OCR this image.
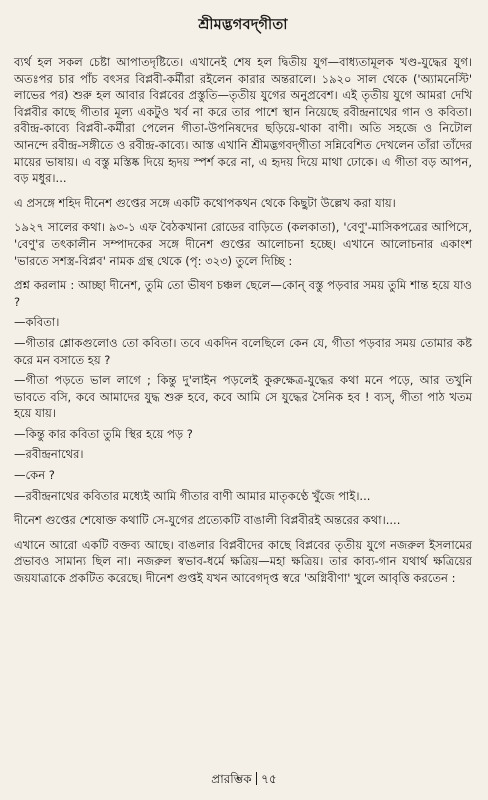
শ্রীমদ্ভগবদ্‌গীতা

ব্যর্থ হল সকল চেষ্টা আপাতদৃষ্টিতে। এখানেই শেষ হল দ্বিতীয় যুগ—বাধ্যতামূলক খণ্ড-যুদ্ধের যুগ। অতঃপর চার পাঁচ বৎসর বিপ্লবী-কর্মীরা রইলেন কারার অন্তরালে। ১৯২০ সাল থেকে ('অ্যামনেস্টি' লাভের পর) শুরু হল আবার বিপ্লবের প্রস্তুতি—তৃতীয় যুগের অনুপ্রবেশ। এই তৃতীয় যুগে আমরা দেখি বিপ্লবীর কাছে গীতার মূল্য একটুও খর্ব না করে তার পাশে স্থান নিয়েছে রবীন্দ্রনাথের গান ও কবিতা। রবীন্দ্র-কাব্যে বিপ্লবী-কর্মীরা পেলেন গীতা-উপনিষদের ছড়িয়ে-থাকা বাণী। অতি সহজে ও নিটোল আনন্দে রবীন্দ্র-সঙ্গীতে ও রবীন্দ্র-কাব্যে। আস্ত এখানি শ্রীমদ্ভগবদ্‌গীতা সন্নিবেশিত দেখলেন তাঁরা তাঁদের মায়ের ভাষায়। এ বস্তু মস্তিষ্ক দিয়ে হৃদয় স্পর্শ করে না, এ হৃদয় দিয়ে মাথা ঢোকে। এ গীতা বড় আপন, বড় মধুর।...

এ প্রসঙ্গে শহিদ দীনেশ গুপ্তের সঙ্গে একটি কথোপকথন থেকে কিছুটা উল্লেখ করা যায়।

১৯২৭ সালের কথা। ৯৩-১ এফ বৈঠকখানা রোডের বাড়িতে (কলকাতা), 'বেণু'-মাসিকপত্রের আপিসে, 'বেণু'র তৎকালীন সম্পাদকের সঙ্গে দীনেশ গুপ্তের আলোচনা হচ্ছে। এখানে আলোচনার একাংশ 'ভারতে সশস্ত্র-বিপ্লব' নামক গ্রন্থ থেকে (পৃ: ৩২৩) তুলে দিচ্ছি :

প্রশ্ন করলাম : আচ্ছা দীনেশ, তুমি তো ভীষণ চঞ্চল ছেলে—কোন্ বস্তু পড়বার সময় তুমি শান্ত হয়ে যাও ?

—কবিতা।

—গীতার শ্লোকগুলোও তো কবিতা। তবে একদিন বলেছিলে কেন যে, গীতা পড়বার সময় তোমার কষ্ট করে মন বসাতে হয় ?

—গীতা পড়তে ভাল লাগে ; কিন্তু দু'লাইন পড়লেই কুরুক্ষেত্র-যুদ্ধের কথা মনে পড়ে, আর তখুনি ভাবতে বসি, কবে আমাদের যুদ্ধ শুরু হবে, কবে আমি সে যুদ্ধের সৈনিক হব ! ব্যস্, গীতা পাঠ খতম হয়ে যায়।

—কিন্তু কার কবিতা তুমি স্থির হয়ে পড় ?

—রবীন্দ্রনাথের।

—কেন ?

—রবীন্দ্রনাথের কবিতার মধ্যেই আমি গীতার বাণী আমার মাতৃকণ্ঠে খুঁজে পাই।...

দীনেশ গুপ্তের শেষোক্ত কথাটি সে-যুগের প্রত্যেকটি বাঙালী বিপ্লবীরই অন্তরের কথা।....

এখানে আরো একটি বক্তব্য আছে। বাঙলার বিপ্লবীদের কাছে বিপ্লবের তৃতীয় যুগে নজরুল ইসলামের প্রভাবও সামান্য ছিল না। নজরুল স্বভাব-ধর্মে ক্ষত্রিয়—মহা ক্ষত্রিয়। তার কাব্য-গান যথার্থ ক্ষত্রিয়ের জয়যাত্রাকে প্রকটিত করেছে। দীনেশ গুপ্তই যখন আবেগদৃপ্ত স্বরে 'অগ্নিবীণা' খুলে আবৃত্তি করতেন :

প্রারম্ভিক ৭৫
